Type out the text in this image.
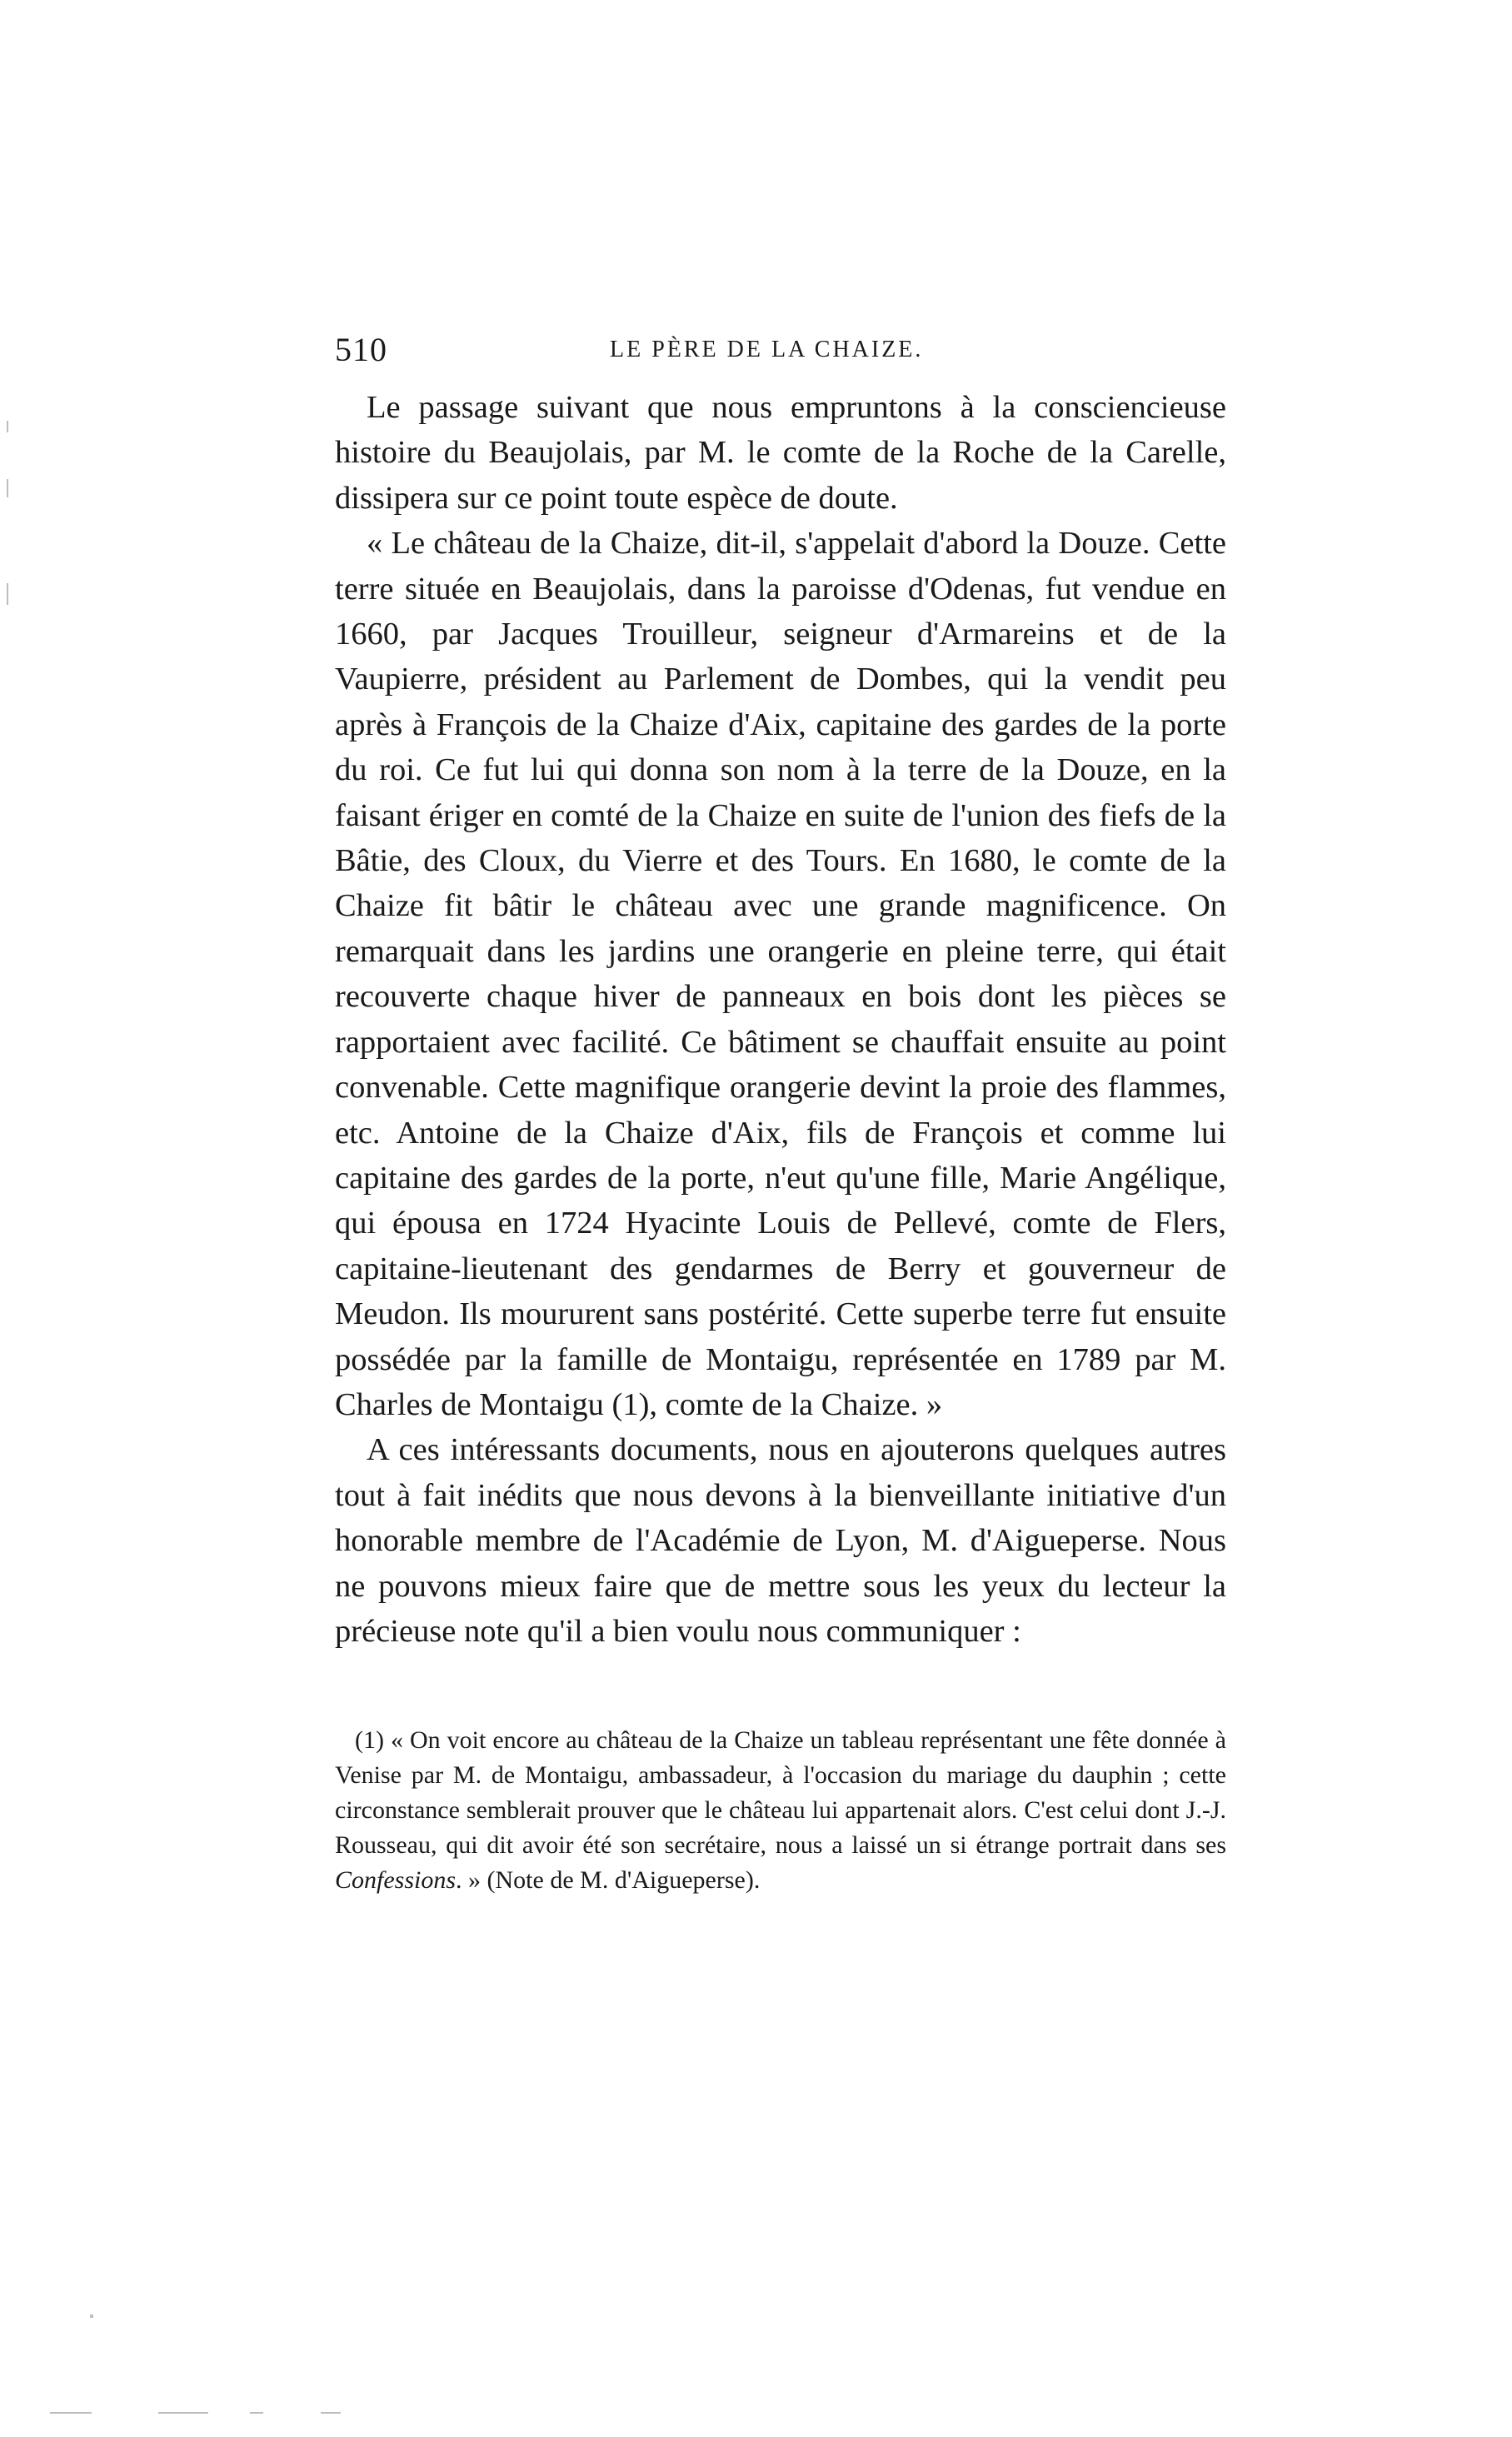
510	LE PÈRE DE LA CHAIZE.

Le passage suivant que nous empruntons à la consciencieuse histoire du Beaujolais, par M. le comte de la Roche de la Carelle, dissipera sur ce point toute espèce de doute.

« Le château de la Chaize, dit-il, s'appelait d'abord la Douze. Cette terre située en Beaujolais, dans la paroisse d'Odenas, fut vendue en 1660, par Jacques Trouilleur, seigneur d'Armareins et de la Vaupierre, président au Parlement de Dombes, qui la vendit peu après à François de la Chaize d'Aix, capitaine des gardes de la porte du roi. Ce fut lui qui donna son nom à la terre de la Douze, en la faisant ériger en comté de la Chaize en suite de l'union des fiefs de la Bâtie, des Cloux, du Vierre et des Tours. En 1680, le comte de la Chaize fit bâtir le château avec une grande magnificence. On remarquait dans les jardins une orangerie en pleine terre, qui était recouverte chaque hiver de panneaux en bois dont les pièces se rapportaient avec facilité. Ce bâtiment se chauffait ensuite au point convenable. Cette magnifique orangerie devint la proie des flammes, etc. Antoine de la Chaize d'Aix, fils de François et comme lui capitaine des gardes de la porte, n'eut qu'une fille, Marie Angélique, qui épousa en 1724 Hyacinte Louis de Pellevé, comte de Flers, capitaine-lieutenant des gendarmes de Berry et gouverneur de Meudon. Ils moururent sans postérité. Cette superbe terre fut ensuite possédée par la famille de Montaigu, représentée en 1789 par M. Charles de Montaigu (1), comte de la Chaize. »

A ces intéressants documents, nous en ajouterons quelques autres tout à fait inédits que nous devons à la bienveillante initiative d'un honorable membre de l'Académie de Lyon, M. d'Aigueperse. Nous ne pouvons mieux faire que de mettre sous les yeux du lecteur la précieuse note qu'il a bien voulu nous communiquer :

(1) « On voit encore au château de la Chaize un tableau représentant une fête donnée à Venise par M. de Montaigu, ambassadeur, à l'occasion du mariage du dauphin ; cette circonstance semblerait prouver que le château lui appartenait alors. C'est celui dont J.-J. Rousseau, qui dit avoir été son secrétaire, nous a laissé un si étrange portrait dans ses Confessions. » (Note de M. d'Aigueperse).
